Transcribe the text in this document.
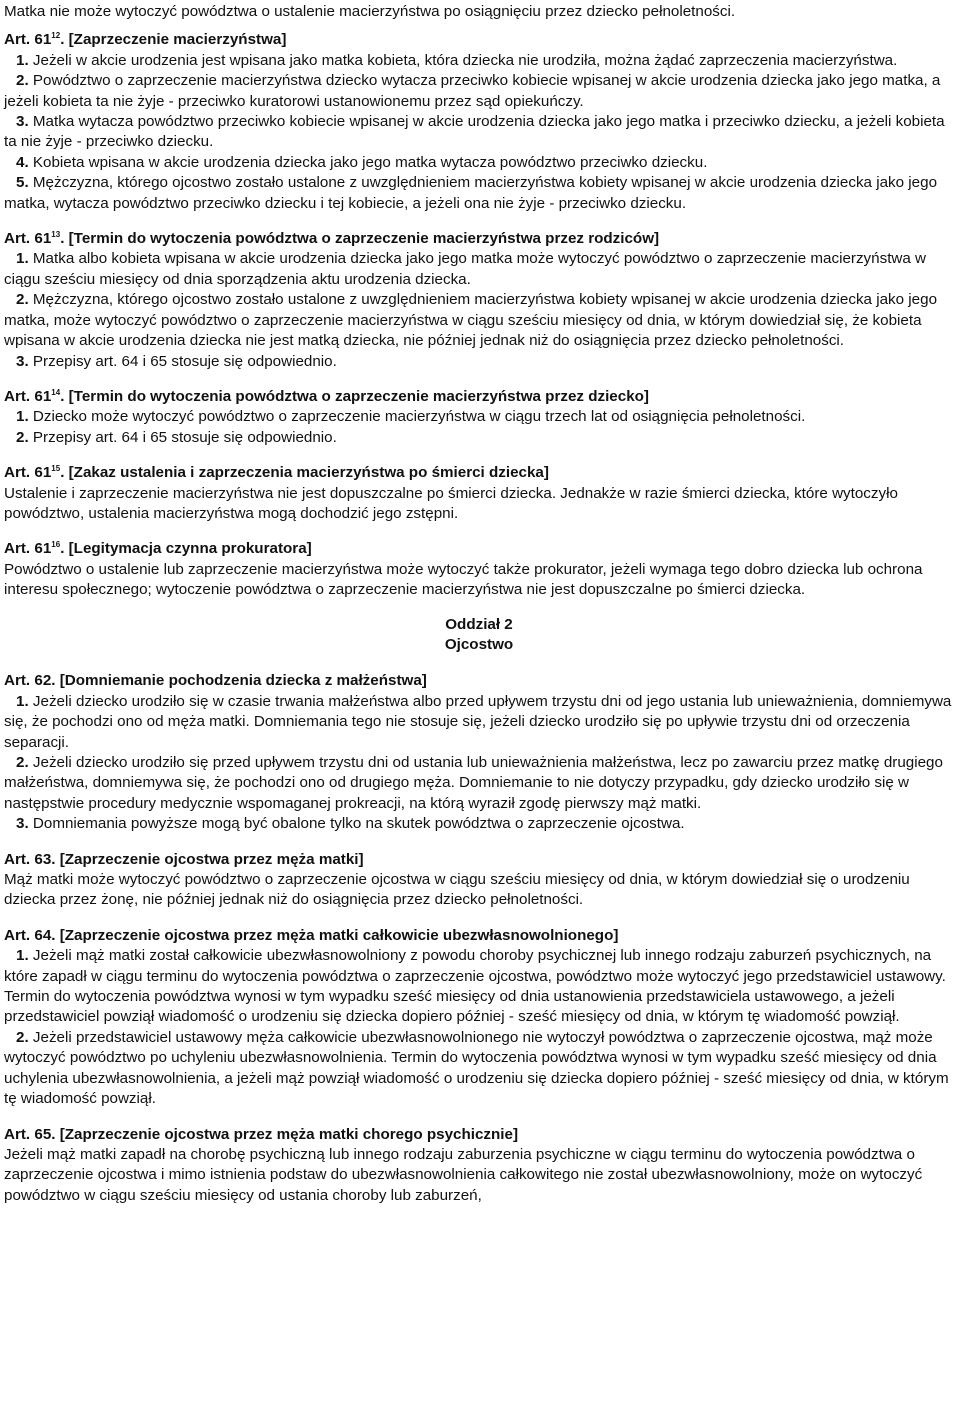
Matka nie może wytoczyć powództwa o ustalenie macierzyństwa po osiągnięciu przez dziecko pełnoletności.

Art. $61^{12}$. [Zaprzeczenie macierzyństwa]

1. Jeżeli w akcie urodzenia jest wpisana jako matka kobieta, która dziecka nie urodziła, można żądać zaprzeczenia macierzyństwa.

2. Powództwo o zaprzeczenie macierzyństwa dziecko wytacza przeciwko kobiecie wpisanej w akcie urodzenia dziecka jako jego matka, a jeżeli kobieta ta nie żyje - przeciwko kuratorowi ustanowionemu przez sąd opiekuńczy.

3. Matka wytacza powództwo przeciwko kobiecie wpisanej w akcie urodzenia dziecka jako jego matka i przeciwko dziecku, a jeżeli kobieta ta nie żyje - przeciwko dziecku.

4. Kobieta wpisana w akcie urodzenia dziecka jako jego matka wytacza powództwo przeciwko dziecku.

5. Mężczyzna, którego ojcostwo zostało ustalone z uwzględnieniem macierzyństwa kobiety wpisanej w akcie urodzenia dziecka jako jego matka, wytacza powództwo przeciwko dziecku i tej kobiecie, a jeżeli ona nie żyje - przeciwko dziecku.

Art. $61^{13}$. [Termin do wytoczenia powództwa o zaprzeczenie macierzyństwa przez rodziców]

1. Matka albo kobieta wpisana w akcie urodzenia dziecka jako jego matka może wytoczyć powództwo o zaprzeczenie macierzyństwa w ciągu sześciu miesięcy od dnia sporządzenia aktu urodzenia dziecka.

2. Mężczyzna, którego ojcostwo zostało ustalone z uwzględnieniem macierzyństwa kobiety wpisanej w akcie urodzenia dziecka jako jego matka, może wytoczyć powództwo o zaprzeczenie macierzyństwa w ciągu sześciu miesięcy od dnia, w którym dowiedział się, że kobieta wpisana w akcie urodzenia dziecka nie jest matką dziecka, nie później jednak niż do osiągnięcia przez dziecko pełnoletności.

3. Przepisy art. 64 i 65 stosuje się odpowiednio.

Art. $61^{14}$. [Termin do wytoczenia powództwa o zaprzeczenie macierzyństwa przez dziecko]

1. Dziecko może wytoczyć powództwo o zaprzeczenie macierzyństwa w ciągu trzech lat od osiągnięcia pełnoletności.

2. Przepisy art. 64 i 65 stosuje się odpowiednio.

Art. $61^{15}$. [Zakaz ustalenia i zaprzeczenia macierzyństwa po śmierci dziecka]

Ustalenie i zaprzeczenie macierzyństwa nie jest dopuszczalne po śmierci dziecka. Jednakże w razie śmierci dziecka, które wytoczyło powództwo, ustalenia macierzyństwa mogą dochodzić jego zstępni.

Art. $61^{16}$. [Legitymacja czynna prokuratora]

Powództwo o ustalenie lub zaprzeczenie macierzyństwa może wytoczyć także prokurator, jeżeli wymaga tego dobro dziecka lub ochrona interesu społecznego; wytoczenie powództwa o zaprzeczenie macierzyństwa nie jest dopuszczalne po śmierci dziecka.

Oddział 2

Ojcostwo

Art. 62. [Domniemanie pochodzenia dziecka z małżeństwa]

1. Jeżeli dziecko urodziło się w czasie trwania małżeństwa albo przed upływem trzystu dni od jego ustania lub unieważnienia, domniemywa się, że pochodzi ono od męża matki. Domniemania tego nie stosuje się, jeżeli dziecko urodziło się po upływie trzystu dni od orzeczenia separacji.

2. Jeżeli dziecko urodziło się przed upływem trzystu dni od ustania lub unieważnienia małżeństwa, lecz po zawarciu przez matkę drugiego małżeństwa, domniemywa się, że pochodzi ono od drugiego męża. Domniemanie to nie dotyczy przypadku, gdy dziecko urodziło się w następstwie procedury medycznie wspomaganej prokreacji, na którą wyraził zgodę pierwszy mąż matki.

3. Domniemania powyższe mogą być obalone tylko na skutek powództwa o zaprzeczenie ojcostwa.

Art. 63. [Zaprzeczenie ojcostwa przez męża matki]

Mąż matki może wytoczyć powództwo o zaprzeczenie ojcostwa w ciągu sześciu miesięcy od dnia, w którym dowiedział się o urodzeniu dziecka przez żonę, nie później jednak niż do osiągnięcia przez dziecko pełnoletności.

Art. 64. [Zaprzeczenie ojcostwa przez męża matki całkowicie ubezwłasnowolnionego]

1. Jeżeli mąż matki został całkowicie ubezwłasnowolniony z powodu choroby psychicznej lub innego rodzaju zaburzeń psychicznych, na które zapadł w ciągu terminu do wytoczenia powództwa o zaprzeczenie ojcostwa, powództwo może wytoczyć jego przedstawiciel ustawowy. Termin do wytoczenia powództwa wynosi w tym wypadku sześć miesięcy od dnia ustanowienia przedstawiciela ustawowego, a jeżeli przedstawiciel powziął wiadomość o urodzeniu się dziecka dopiero później - sześć miesięcy od dnia, w którym tę wiadomość powziął.

2. Jeżeli przedstawiciel ustawowy męża całkowicie ubezwłasnowolnionego nie wytoczył powództwa o zaprzeczenie ojcostwa, mąż może wytoczyć powództwo po uchyleniu ubezwłasnowolnienia. Termin do wytoczenia powództwa wynosi w tym wypadku sześć miesięcy od dnia uchylenia ubezwłasnowolnienia, a jeżeli mąż powziął wiadomość o urodzeniu się dziecka dopiero później - sześć miesięcy od dnia, w którym tę wiadomość powziął.

Art. 65. [Zaprzeczenie ojcostwa przez męża matki chorego psychicznie]

Jeżeli mąż matki zapadł na chorobę psychiczną lub innego rodzaju zaburzenia psychiczne w ciągu terminu do wytoczenia powództwa o zaprzeczenie ojcostwa i mimo istnienia podstaw do ubezwłasnowolnienia całkowitego nie został ubezwłasnowolniony, może on wytoczyć powództwo w ciągu sześciu miesięcy od ustania choroby lub zaburzeń,
